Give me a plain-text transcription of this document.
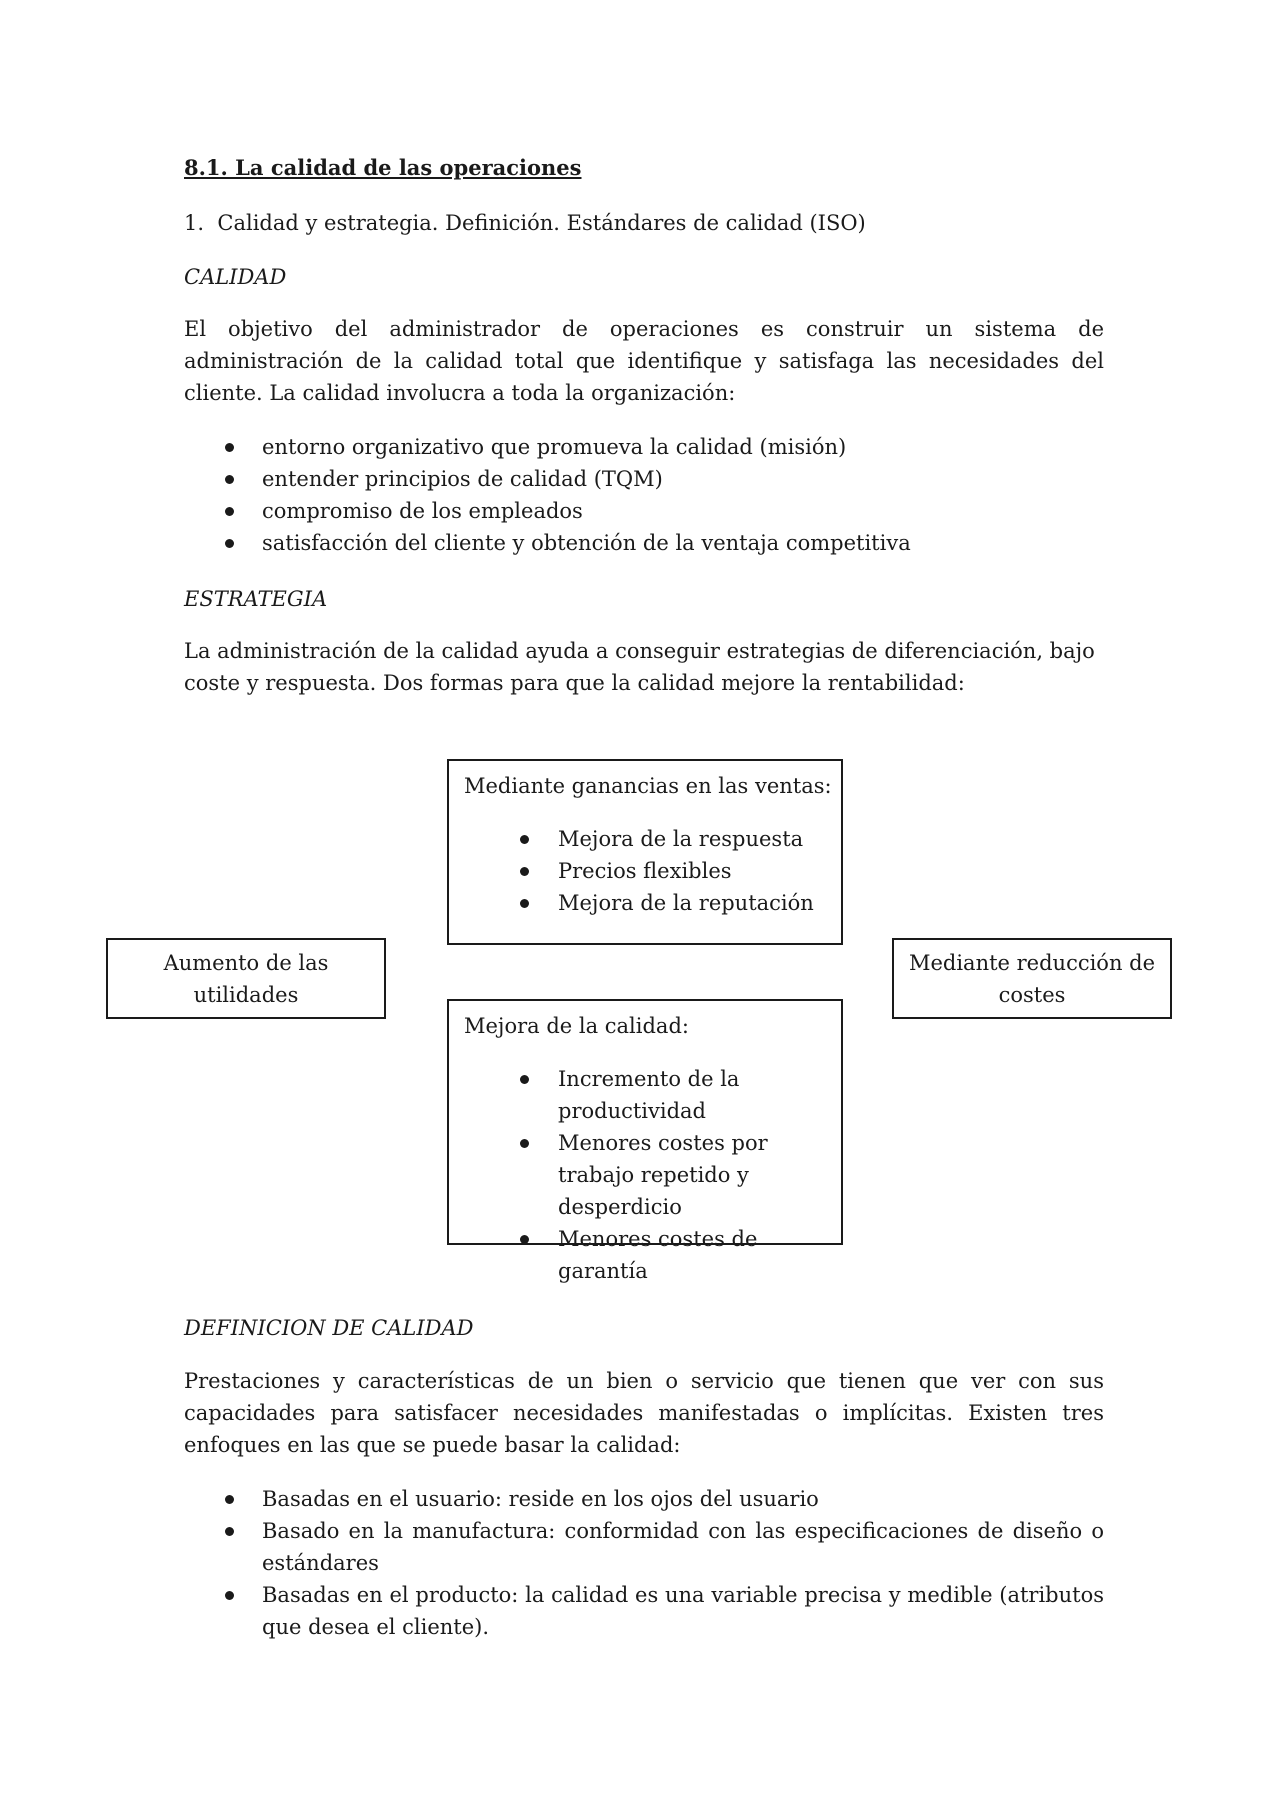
8.1. La calidad de las operaciones
1. Calidad y estrategia. Definición. Estándares de calidad (ISO)
CALIDAD

El objetivo del administrador de operaciones es construir un sistema de administración de la calidad total que identifique y satisfaga las necesidades del cliente. La calidad involucra a toda la organización:

entorno organizativo que promueva la calidad (misión)
entender principios de calidad (TQM)
compromiso de los empleados
satisfacción del cliente y obtención de la ventaja competitiva
ESTRATEGIA

La administración de la calidad ayuda a conseguir estrategias de diferenciación, bajo coste y respuesta. Dos formas para que la calidad mejore la rentabilidad:

Mediante ganancias en las ventas:

Mejora de la respuesta
Precios flexibles
Mejora de la reputación
Aumento de las utilidades
Mediante reducción de costes

Mejora de la calidad:

Incremento de la productividad
Menores costes por trabajo repetido y desperdicio
Menores costes de garantía
DEFINICION DE CALIDAD

Prestaciones y características de un bien o servicio que tienen que ver con sus capacidades para satisfacer necesidades manifestadas o implícitas. Existen tres enfoques en las que se puede basar la calidad:

Basadas en el usuario: reside en los ojos del usuario
Basado en la manufactura: conformidad con las especificaciones de diseño o estándares
Basadas en el producto: la calidad es una variable precisa y medible (atributos que desea el cliente).
